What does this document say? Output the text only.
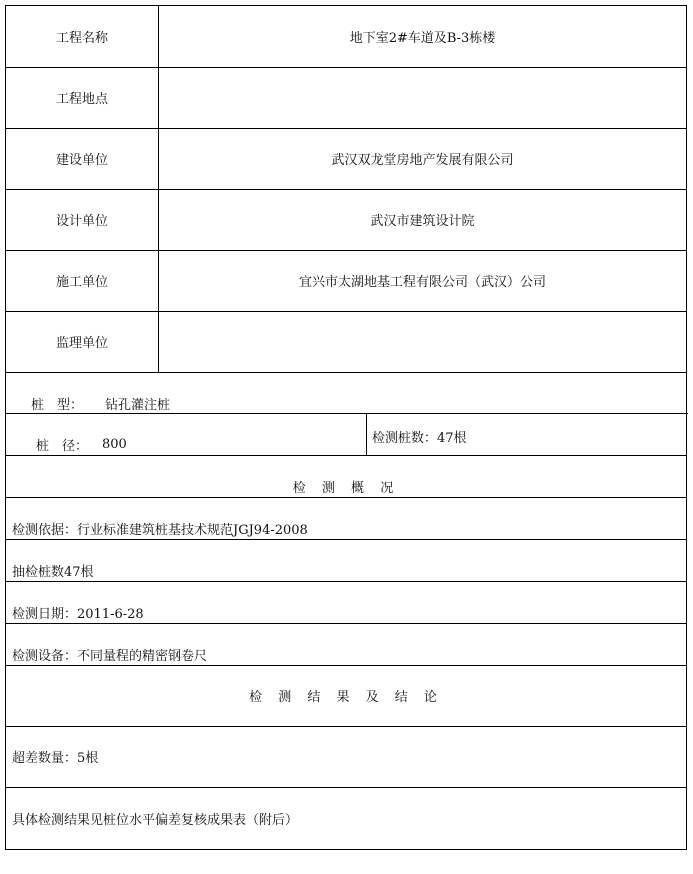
工程名称	地下室2#车道及B-3栋楼
工程地点
建设单位	武汉双龙堂房地产发展有限公司
设计单位	武汉市建筑设计院
施工单位	宜兴市太湖地基工程有限公司（武汉）公司
监理单位
桩　型： 钻孔灌注桩
桩　径： 800	检测桩数：47根
检 测 概 况
检测依据：行业标准建筑桩基技术规范JGJ94-2008
抽检桩数47根
检测日期：2011-6-28
检测设备：不同量程的精密钢卷尺
检 测 结 果 及 结 论
超差数量：5根
具体检测结果见桩位水平偏差复核成果表（附后）
